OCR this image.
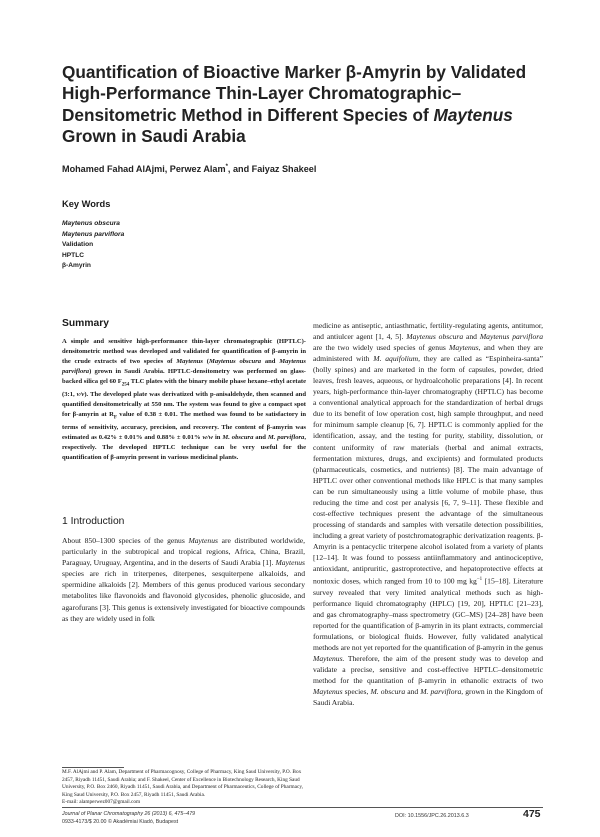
Quantification of Bioactive Marker β-Amyrin by Validated High-Performance Thin-Layer Chromatographic–Densitometric Method in Different Species of Maytenus Grown in Saudi Arabia
Mohamed Fahad AlAjmi, Perwez Alam*, and Faiyaz Shakeel
Key Words
Maytenus obscura
Maytenus parviflora
Validation
HPTLC
β-Amyrin
Summary
A simple and sensitive high-performance thin-layer chromatographic (HPTLC)-densitometric method was developed and validated for quantification of β-amyrin in the crude extracts of two species of Maytenus (Maytenus obscura and Maytenus parviflora) grown in Saudi Arabia. HPTLC-densitometry was performed on glass-backed silica gel 60 $F_{254}$ TLC plates with the binary mobile phase hexane–ethyl acetate (3:1, v/v). The developed plate was derivatized with p-anisaldehyde, then scanned and quantified densitometrically at 550 nm. The system was found to give a compact spot for β-amyrin at $R_F$ value of 0.38 ± 0.01. The method was found to be satisfactory in terms of sensitivity, accuracy, precision, and recovery. The content of β-amyrin was estimated as 0.42% ± 0.01% and 0.88% ± 0.01% w/w in M. obscura and M. parviflora, respectively. The developed HPTLC technique can be very useful for the quantification of β-amyrin present in various medicinal plants.
1 Introduction
About 850–1300 species of the genus Maytenus are distributed worldwide, particularly in the subtropical and tropical regions, Africa, China, Brazil, Paraguay, Uruguay, Argentina, and in the deserts of Saudi Arabia [1]. Maytenus species are rich in triterpenes, diterpenes, sesquiterpene alkaloids, and spermidine alkaloids [2]. Members of this genus produced various secondary metabolites like flavonoids and flavonoid glycosides, phenolic glucoside, and agarofurans [3]. This genus is extensively investigated for bioactive compounds as they are widely used in folk
medicine as antiseptic, antiasthmatic, fertility-regulating agents, antitumor, and antiulcer agent [1, 4, 5]. Maytenus obscura and Maytenus parviflora are the two widely used species of genus Maytenus, and when they are administered with M. aquifolium, they are called as “Espinheira-santa” (holly spines) and are marketed in the form of capsules, powder, dried leaves, fresh leaves, aqueous, or hydroalcoholic preparations [4]. In recent years, high-performance thin-layer chromatography (HPTLC) has become a conventional analytical approach for the standardization of herbal drugs due to its benefit of low operation cost, high sample throughput, and need for minimum sample cleanup [6, 7]. HPTLC is commonly applied for the identification, assay, and the testing for purity, stability, dissolution, or content uniformity of raw materials (herbal and animal extracts, fermentation mixtures, drugs, and excipients) and formulated products (pharmaceuticals, cosmetics, and nutrients) [8]. The main advantage of HPTLC over other conventional methods like HPLC is that many samples can be run simultaneously using a little volume of mobile phase, thus reducing the time and cost per analysis [6, 7, 9–11]. These flexible and cost-effective techniques present the advantage of the simultaneous processing of standards and samples with versatile detection possibilities, including a great variety of postchromatographic derivatization reagents. β-Amyrin is a pentacyclic triterpene alcohol isolated from a variety of plants [12–14]. It was found to possess antiinflammatory and antinociceptive, antioxidant, antipruritic, gastroprotective, and hepatoprotective effects at nontoxic doses, which ranged from 10 to 100 mg $kg^{-1}$ [15–18]. Literature survey revealed that very limited analytical methods such as high-performance liquid chromatography (HPLC) [19, 20], HPTLC [21–23], and gas chromatography–mass spectrometry (GC–MS) [24–28] have been reported for the quantification of β-amyrin in its plant extracts, commercial formulations, or biological fluids. However, fully validated analytical methods are not yet reported for the quantification of β-amyrin in the genus Maytenus. Therefore, the aim of the present study was to develop and validate a precise, sensitive and cost-effective HPTLC–densitometric method for the quantitation of β-amyrin in ethanolic extracts of two Maytenus species, M. obscura and M. parviflora, grown in the Kingdom of Saudi Arabia.

M.F. AlAjmi and P. Alam, Department of Pharmacognosy, College of Pharmacy, King Saud University, P.O. Box 2457, Riyadh 11451, Saudi Arabia; and F. Shakeel, Center of Excellence in Biotechnology Research, King Saud University, P.O. Box 2460, Riyadh 11451, Saudi Arabia, and Department of Pharmaceutics, College of Pharmacy, King Saud University, P.O. Box 2457, Riyadh 11451, Saudi Arabia.

E-mail: alamperwez007@gmail.com

Journal of Planar Chromatography 26 (2013) 6, 475–479
0933-4173/$ 20.00 © Akadémiai Kiadó, Budapest
DOI: 10.1556/JPC.26.2013.6.3	475
